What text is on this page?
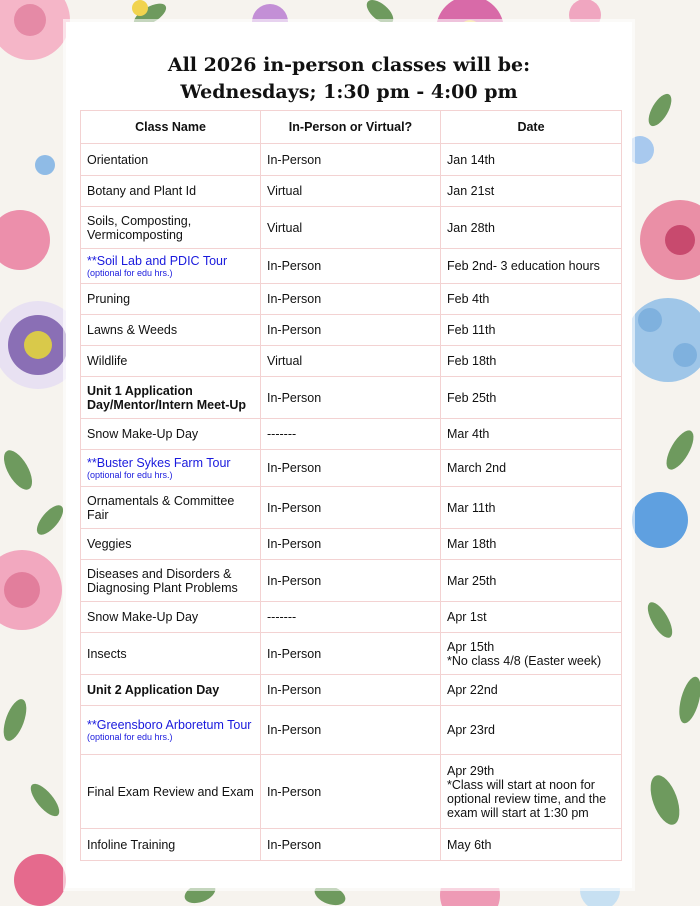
All 2026 in-person classes will be:
Wednesdays; 1:30 pm - 4:00 pm
Class Name	In-Person or Virtual?	Date
Orientation	In-Person	Jan 14th
Botany and Plant Id	Virtual	Jan 21st
Soils, Composting, Vermicomposting	Virtual	Jan 28th

**Soil Lab and PDIC Tour
(optional for edu hrs.)	In-Person	Feb 2nd- 3 education hours
Pruning	In-Person	Feb 4th
Lawns & Weeds	In-Person	Feb 11th
Wildlife	Virtual	Feb 18th
Unit 1 Application Day/Mentor/Intern Meet-Up	In-Person	Feb 25th
Snow Make-Up Day	-------	Mar 4th

**Buster Sykes Farm Tour
(optional for edu hrs.)	In-Person	March 2nd
Ornamentals & Committee Fair	In-Person	Mar 11th
Veggies	In-Person	Mar 18th
Diseases and Disorders & Diagnosing Plant Problems	In-Person	Mar 25th
Snow Make-Up Day	-------	Apr 1st
Insects	In-Person	Apr 15th
*No class 4/8 (Easter week)

Unit 2 Application Day	In-Person	Apr 22nd

**Greensboro Arboretum Tour
(optional for edu hrs.)	In-Person	Apr 23rd
Final Exam Review and Exam	In-Person	Apr 29th
*Class will start at noon for optional review time, and the exam will start at 1:30 pm

Infoline Training	In-Person	May 6th
